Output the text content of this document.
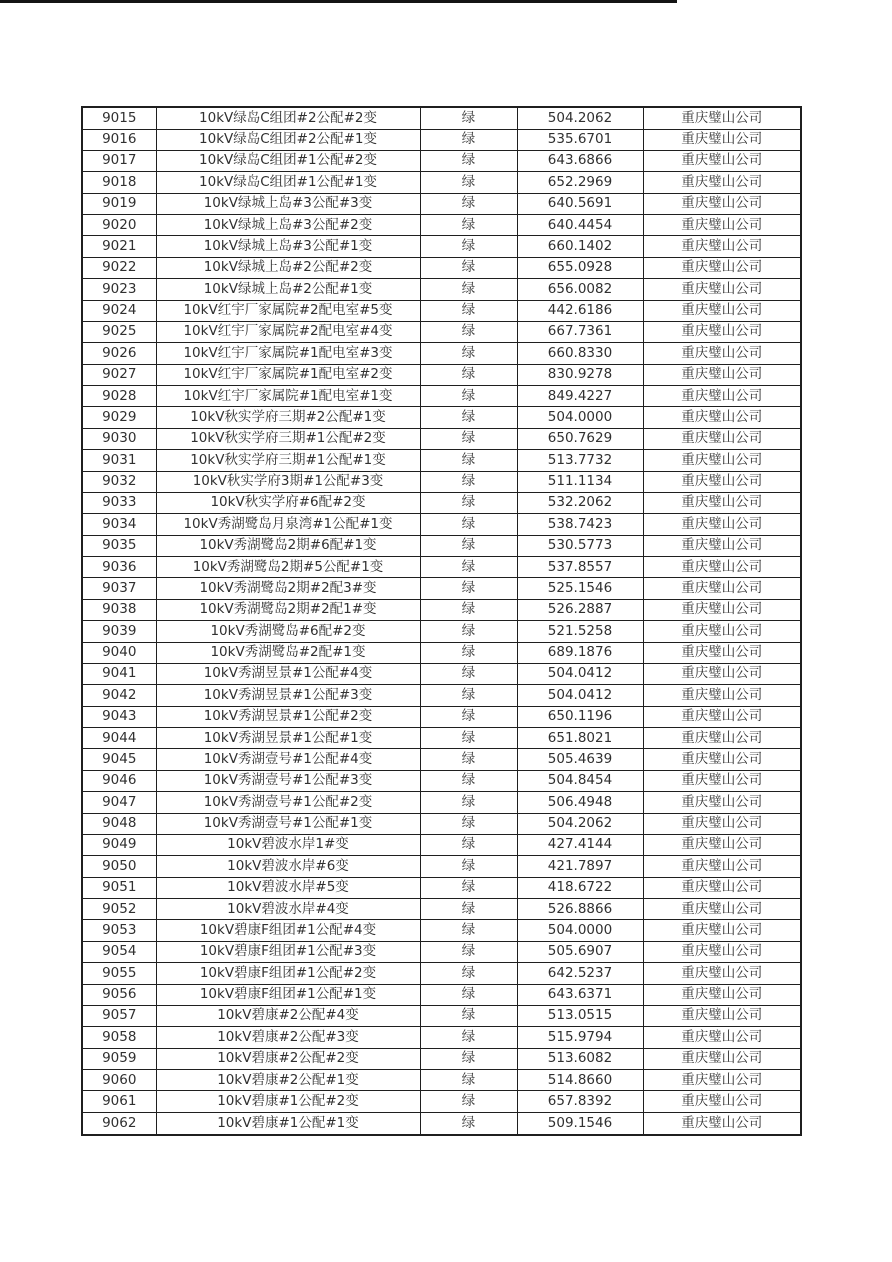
9015	10kV绿岛C组团#2公配#2变	绿	504.2062	重庆璧山公司
9016	10kV绿岛C组团#2公配#1变	绿	535.6701	重庆璧山公司
9017	10kV绿岛C组团#1公配#2变	绿	643.6866	重庆璧山公司
9018	10kV绿岛C组团#1公配#1变	绿	652.2969	重庆璧山公司
9019	10kV绿城上岛#3公配#3变	绿	640.5691	重庆璧山公司
9020	10kV绿城上岛#3公配#2变	绿	640.4454	重庆璧山公司
9021	10kV绿城上岛#3公配#1变	绿	660.1402	重庆璧山公司
9022	10kV绿城上岛#2公配#2变	绿	655.0928	重庆璧山公司
9023	10kV绿城上岛#2公配#1变	绿	656.0082	重庆璧山公司
9024	10kV红宇厂家属院#2配电室#5变	绿	442.6186	重庆璧山公司
9025	10kV红宇厂家属院#2配电室#4变	绿	667.7361	重庆璧山公司
9026	10kV红宇厂家属院#1配电室#3变	绿	660.8330	重庆璧山公司
9027	10kV红宇厂家属院#1配电室#2变	绿	830.9278	重庆璧山公司
9028	10kV红宇厂家属院#1配电室#1变	绿	849.4227	重庆璧山公司
9029	10kV秋实学府三期#2公配#1变	绿	504.0000	重庆璧山公司
9030	10kV秋实学府三期#1公配#2变	绿	650.7629	重庆璧山公司
9031	10kV秋实学府三期#1公配#1变	绿	513.7732	重庆璧山公司
9032	10kV秋实学府3期#1公配#3变	绿	511.1134	重庆璧山公司
9033	10kV秋实学府#6配#2变	绿	532.2062	重庆璧山公司
9034	10kV秀湖鹭岛月泉湾#1公配#1变	绿	538.7423	重庆璧山公司
9035	10kV秀湖鹭岛2期#6配#1变	绿	530.5773	重庆璧山公司
9036	10kV秀湖鹭岛2期#5公配#1变	绿	537.8557	重庆璧山公司
9037	10kV秀湖鹭岛2期#2配3#变	绿	525.1546	重庆璧山公司
9038	10kV秀湖鹭岛2期#2配1#变	绿	526.2887	重庆璧山公司
9039	10kV秀湖鹭岛#6配#2变	绿	521.5258	重庆璧山公司
9040	10kV秀湖鹭岛#2配#1变	绿	689.1876	重庆璧山公司
9041	10kV秀湖昱景#1公配#4变	绿	504.0412	重庆璧山公司
9042	10kV秀湖昱景#1公配#3变	绿	504.0412	重庆璧山公司
9043	10kV秀湖昱景#1公配#2变	绿	650.1196	重庆璧山公司
9044	10kV秀湖昱景#1公配#1变	绿	651.8021	重庆璧山公司
9045	10kV秀湖壹号#1公配#4变	绿	505.4639	重庆璧山公司
9046	10kV秀湖壹号#1公配#3变	绿	504.8454	重庆璧山公司
9047	10kV秀湖壹号#1公配#2变	绿	506.4948	重庆璧山公司
9048	10kV秀湖壹号#1公配#1变	绿	504.2062	重庆璧山公司
9049	10kV碧波水岸1#变	绿	427.4144	重庆璧山公司
9050	10kV碧波水岸#6变	绿	421.7897	重庆璧山公司
9051	10kV碧波水岸#5变	绿	418.6722	重庆璧山公司
9052	10kV碧波水岸#4变	绿	526.8866	重庆璧山公司
9053	10kV碧康F组团#1公配#4变	绿	504.0000	重庆璧山公司
9054	10kV碧康F组团#1公配#3变	绿	505.6907	重庆璧山公司
9055	10kV碧康F组团#1公配#2变	绿	642.5237	重庆璧山公司
9056	10kV碧康F组团#1公配#1变	绿	643.6371	重庆璧山公司
9057	10kV碧康#2公配#4变	绿	513.0515	重庆璧山公司
9058	10kV碧康#2公配#3变	绿	515.9794	重庆璧山公司
9059	10kV碧康#2公配#2变	绿	513.6082	重庆璧山公司
9060	10kV碧康#2公配#1变	绿	514.8660	重庆璧山公司
9061	10kV碧康#1公配#2变	绿	657.8392	重庆璧山公司
9062	10kV碧康#1公配#1变	绿	509.1546	重庆璧山公司
